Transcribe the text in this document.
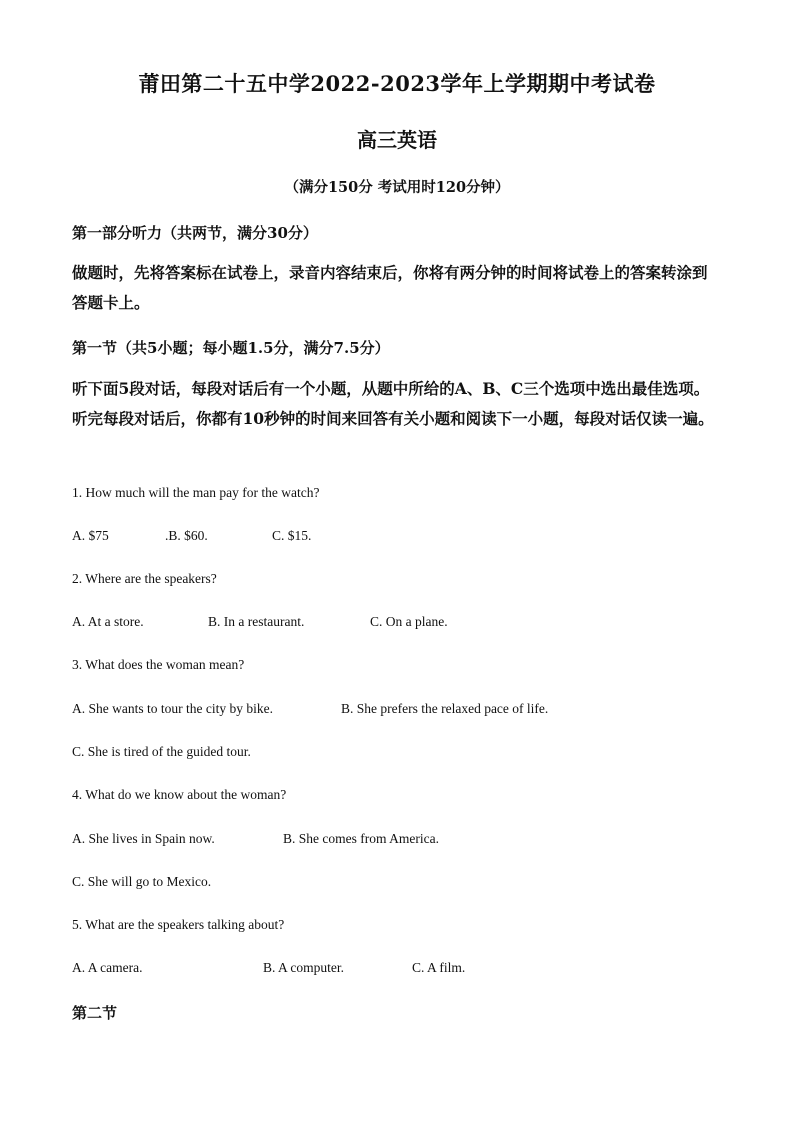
莆田第二十五中学2022-2023学年上学期期中考试卷
高三英语
（满分150分 考试用时120分钟）
第一部分听力（共两节，满分30分）
做题时，先将答案标在试卷上，录音内容结束后，你将有两分钟的时间将试卷上的答案转涂到答题卡上。
第一节（共5小题；每小题1.5分，满分7.5分）
听下面5段对话，每段对话后有一个小题，从题中所给的A、B、C三个选项中选出最佳选项。听完每段对话后，你都有10秒钟的时间来回答有关小题和阅读下一小题，每段对话仅读一遍。
1. How much will the man pay for the watch?
A. $75	.B. $60.	C. $15.
2. Where are the speakers?
A. At a store.	B. In a restaurant.	C. On a plane.
3. What does the woman mean?
A. She wants to tour the city by bike.	B. She prefers the relaxed pace of life.
C. She is tired of the guided tour.
4. What do we know about the woman?
A. She lives in Spain now.	B. She comes from America.
C. She will go to Mexico.
5. What are the speakers talking about?
A. A camera.	B. A computer.	C. A film.
第二节
